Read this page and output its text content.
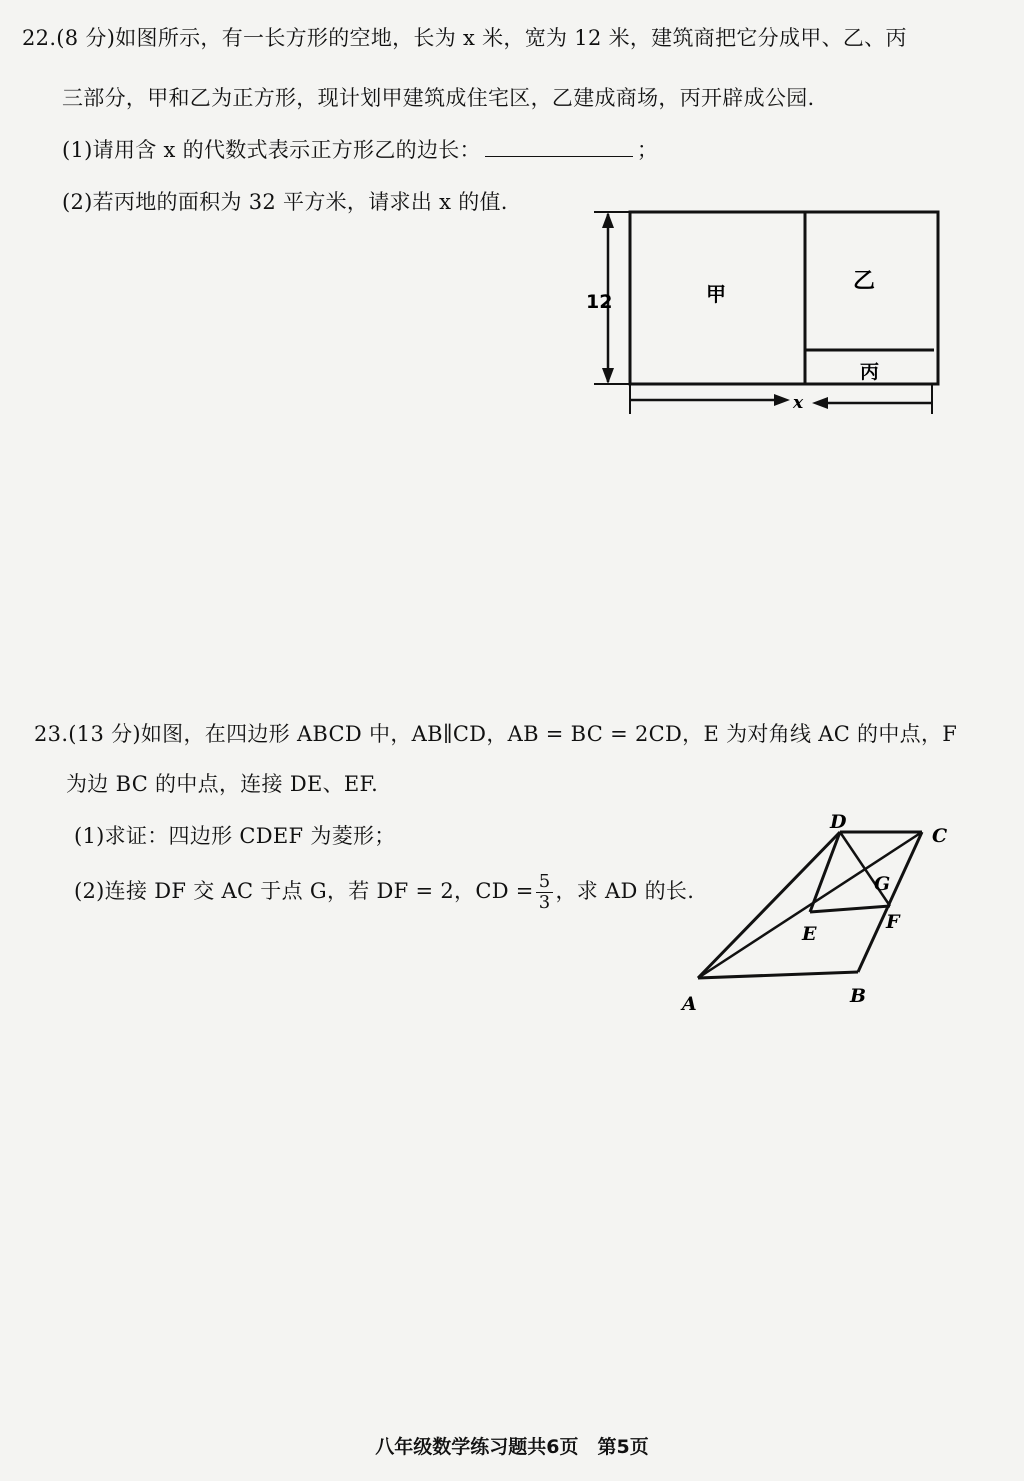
22.(8 分)如图所示，有一长方形的空地，长为 x 米，宽为 12 米，建筑商把它分成甲、乙、丙
三部分，甲和乙为正方形，现计划甲建筑成住宅区，乙建成商场，丙开辟成公园.
(1)请用含 x 的代数式表示正方形乙的边长：	；
(2)若丙地的面积为 32 平方米，请求出 x 的值.
12
x
甲	乙
丙
23.(13 分)如图，在四边形 ABCD 中，AB∥CD，AB = BC = 2CD，E 为对角线 AC 的中点，F
为边 BC 的中点，连接 DE、EF.
(1)求证：四边形 CDEF 为菱形；
(2)连接 DF 交 AC 于点 G，若 DF = 2，CD = $\frac{5}{3}$ ，求 AD 的长.
A	B
C
D
E
F
G
八年级数学练习题共6页　第5页
